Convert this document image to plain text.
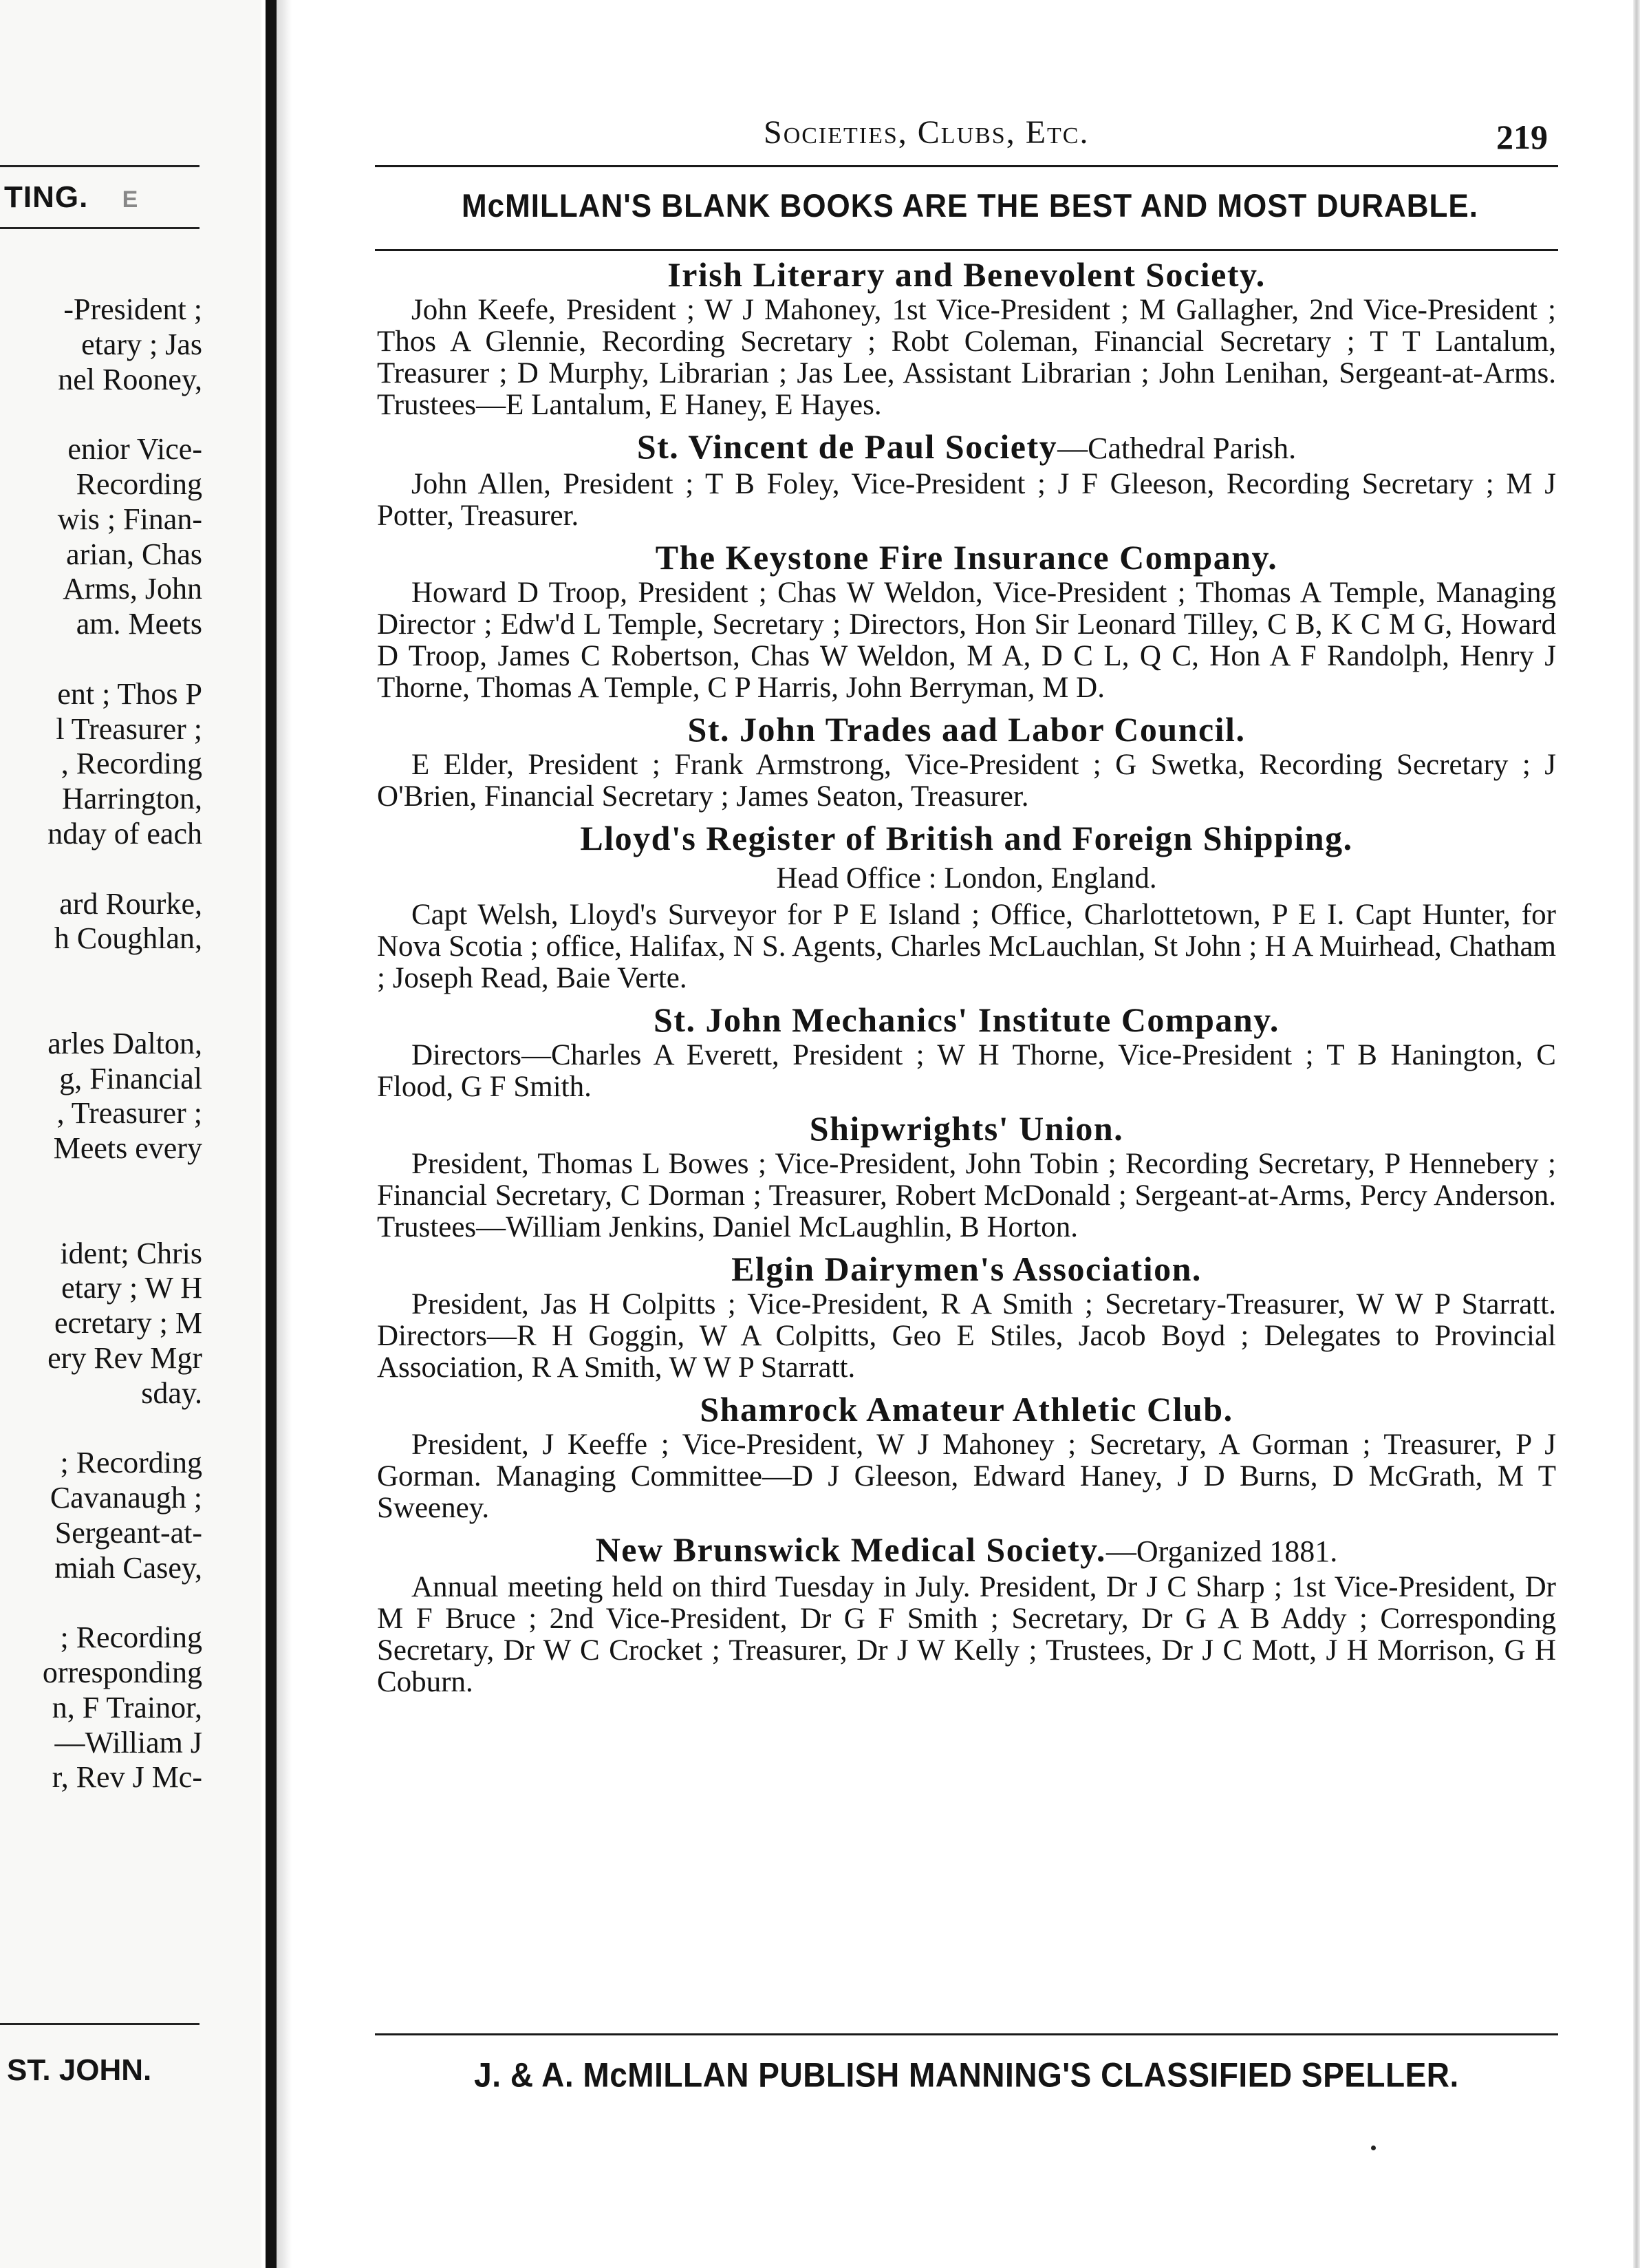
TING. E
-President ;
etary ; Jas
nel Rooney,
enior Vice-
Recording
wis ; Finan-
arian, Chas
Arms, John
am. Meets
ent ; Thos P
l Treasurer ;
, Recording
Harrington,
nday of each
ard Rourke,
h Coughlan,
arles Dalton,
g, Financial
, Treasurer ;
Meets every
ident; Chris
etary ; W H
ecretary ; M
ery Rev Mgr
sday.
; Recording
Cavanaugh ;
Sergeant-at-
miah Casey,
; Recording
orresponding
n, F Trainor,
—William J
r, Rev J Mc-
ST. JOHN.
Societies, Clubs, Etc.	219
McMILLAN'S BLANK BOOKS ARE THE BEST AND MOST DURABLE.
Irish Literary and Benevolent Society.
John Keefe, President ; W J Mahoney, 1st Vice-President ; M Gallagher, 2nd Vice-President ; Thos A Glennie, Recording Secretary ; Robt Coleman, Financial Secretary ; T T Lantalum, Treasurer ; D Murphy, Librarian ; Jas Lee, Assistant Librarian ; John Lenihan, Sergeant-at-Arms. Trustees—E Lantalum, E Haney, E Hayes.
St. Vincent de Paul Society—Cathedral Parish.
John Allen, President ; T B Foley, Vice-President ; J F Gleeson, Recording Secretary ; M J Potter, Treasurer.
The Keystone Fire Insurance Company.
Howard D Troop, President ; Chas W Weldon, Vice-President ; Thomas A Temple, Managing Director ; Edw'd L Temple, Secretary ; Directors, Hon Sir Leonard Tilley, C B, K C M G, Howard D Troop, James C Robertson, Chas W Weldon, M A, D C L, Q C, Hon A F Randolph, Henry J Thorne, Thomas A Temple, C P Harris, John Berryman, M D.
St. John Trades aad Labor Council.
E Elder, President ; Frank Armstrong, Vice-President ; G Swetka, Recording Secretary ; J O'Brien, Financial Secretary ; James Seaton, Treasurer.
Lloyd's Register of British and Foreign Shipping.
Head Office : London, England.
Capt Welsh, Lloyd's Surveyor for P E Island ; Office, Charlottetown, P E I. Capt Hunter, for Nova Scotia ; office, Halifax, N S. Agents, Charles McLauchlan, St John ; H A Muirhead, Chatham ; Joseph Read, Baie Verte.
St. John Mechanics' Institute Company.
Directors—Charles A Everett, President ; W H Thorne, Vice-President ; T B Hanington, C Flood, G F Smith.
Shipwrights' Union.
President, Thomas L Bowes ; Vice-President, John Tobin ; Recording Secretary, P Hennebery ; Financial Secretary, C Dorman ; Treasurer, Robert McDonald ; Sergeant-at-Arms, Percy Anderson. Trustees—William Jenkins, Daniel McLaughlin, B Horton.
Elgin Dairymen's Association.
President, Jas H Colpitts ; Vice-President, R A Smith ; Secretary-Treasurer, W W P Starratt. Directors—R H Goggin, W A Colpitts, Geo E Stiles, Jacob Boyd ; Delegates to Provincial Association, R A Smith, W W P Starratt.
Shamrock Amateur Athletic Club.
President, J Keeffe ; Vice-President, W J Mahoney ; Secretary, A Gorman ; Treasurer, P J Gorman. Managing Committee—D J Gleeson, Edward Haney, J D Burns, D McGrath, M T Sweeney.
New Brunswick Medical Society.—Organized 1881.
Annual meeting held on third Tuesday in July. President, Dr J C Sharp ; 1st Vice-President, Dr M F Bruce ; 2nd Vice-President, Dr G F Smith ; Secretary, Dr G A B Addy ; Corresponding Secretary, Dr W C Crocket ; Treasurer, Dr J W Kelly ; Trustees, Dr J C Mott, J H Morrison, G H Coburn.
J. & A. McMILLAN PUBLISH MANNING'S CLASSIFIED SPELLER.
